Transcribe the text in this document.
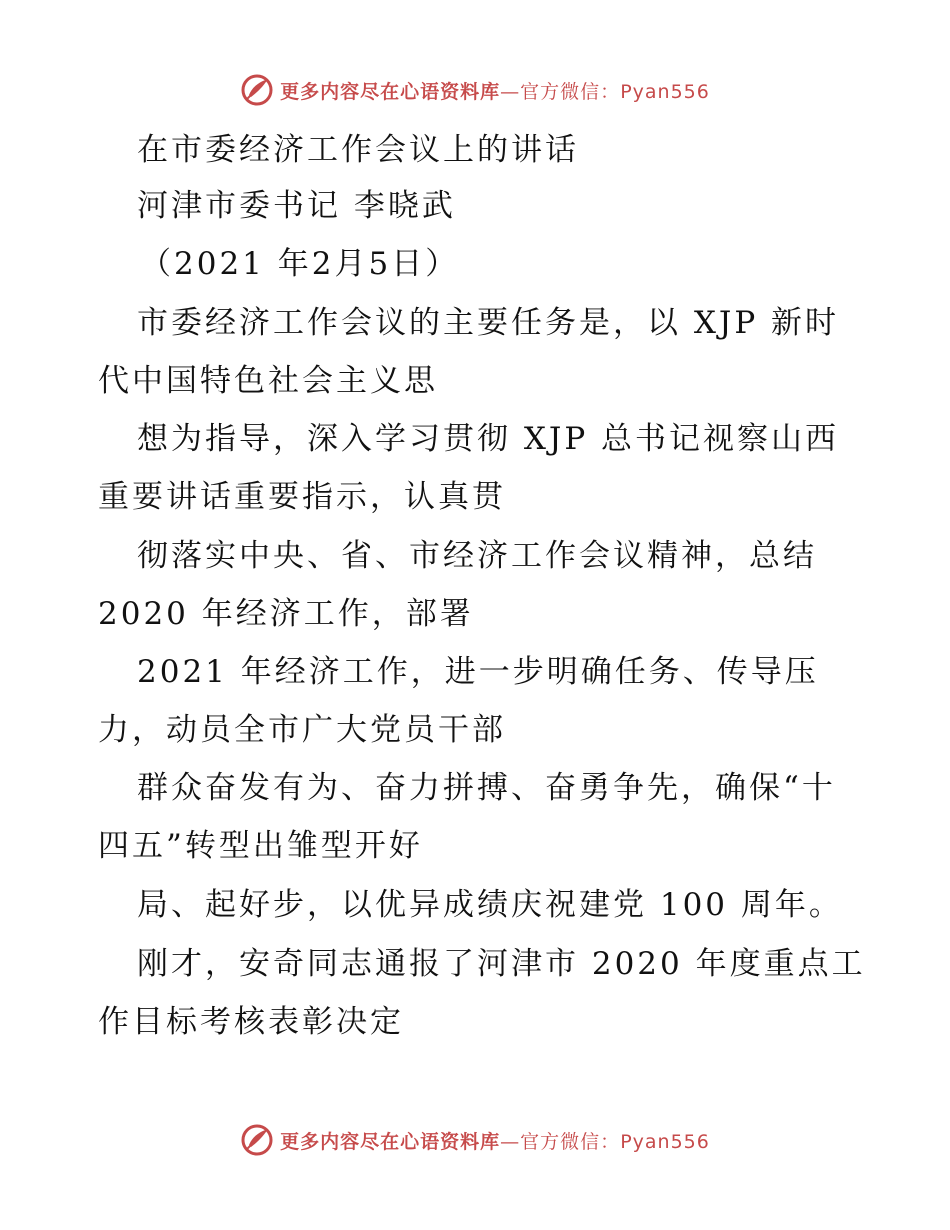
更多内容尽在心语资料库—官方微信：Pyan556
在市委经济工作会议上的讲话
河津市委书记 李晓武
（2021 年2月5日）
市委经济工作会议的主要任务是，以 XJP 新时
代中国特色社会主义思
想为指导，深入学习贯彻 XJP 总书记视察山西
重要讲话重要指示，认真贯
彻落实中央、省、市经济工作会议精神，总结
2020 年经济工作，部署
2021 年经济工作，进一步明确任务、传导压
力，动员全市广大党员干部
群众奋发有为、奋力拼搏、奋勇争先，确保“十
四五”转型出雏型开好
局、起好步，以优异成绩庆祝建党 100 周年。
刚才，安奇同志通报了河津市 2020 年度重点工
作目标考核表彰决定
更多内容尽在心语资料库—官方微信：Pyan556
